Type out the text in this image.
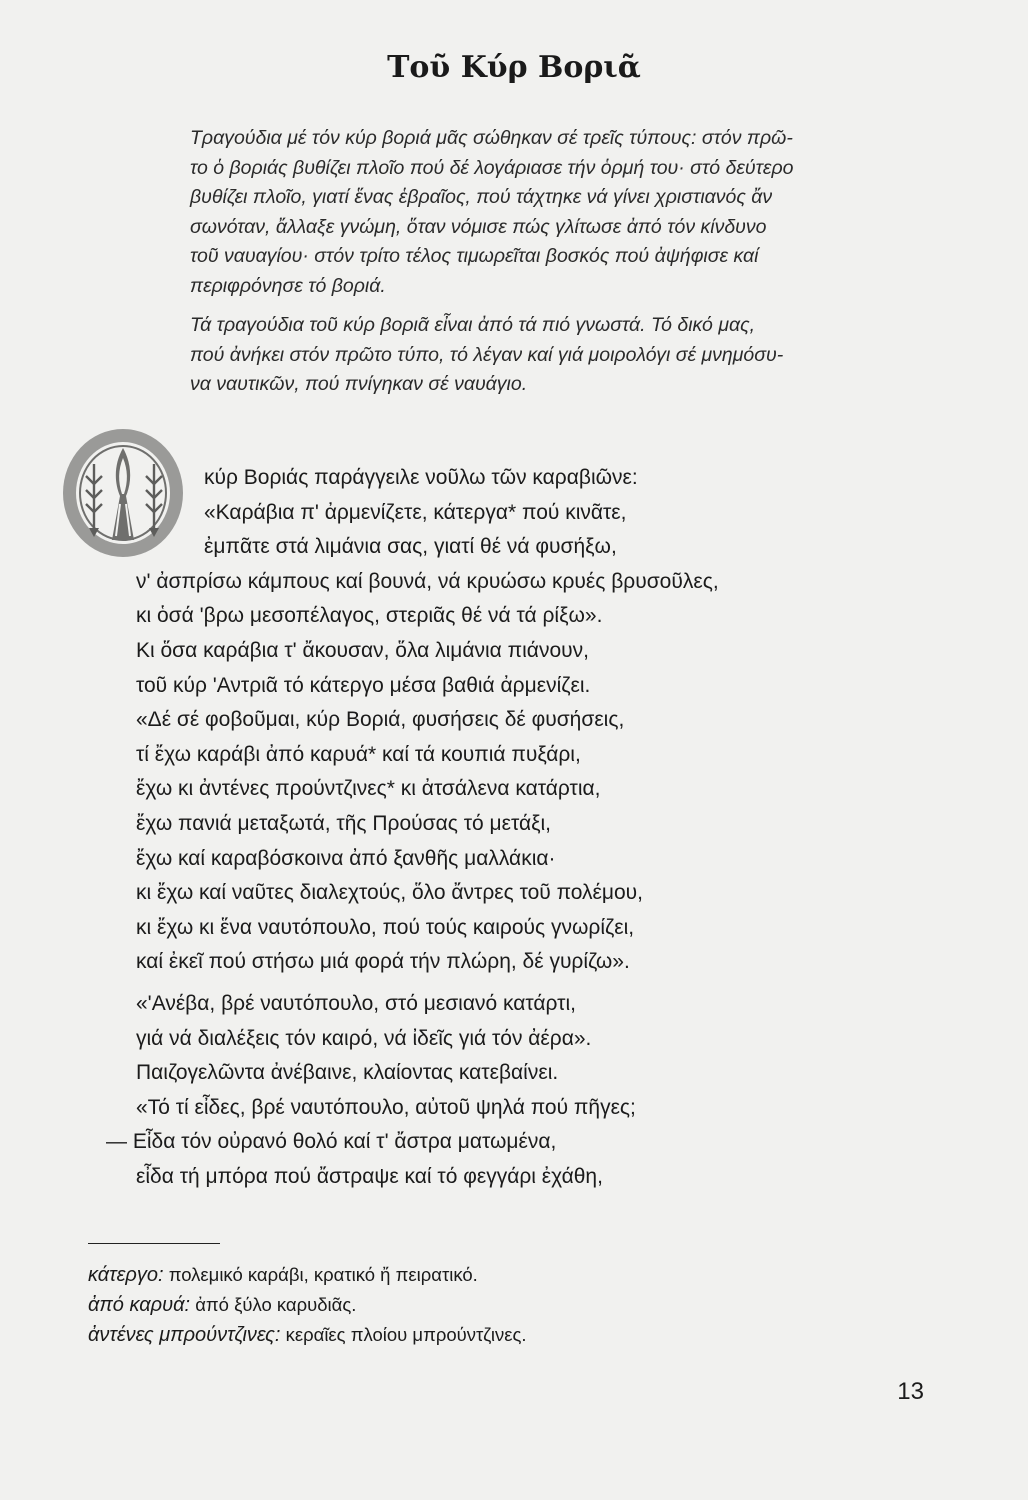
Τοῦ Κύρ Βοριᾶ
Τραγούδια μέ τόν κύρ βοριά μᾶς σώθηκαν σέ τρεῖς τύπους: στόν πρῶ-
το ὁ βοριάς βυθίζει πλοῖο πού δέ λογάριασε τήν ὁρμή του· στό δεύτερο
βυθίζει πλοῖο, γιατί ἕνας ἑβραῖος, πού τάχτηκε νά γίνει χριστιανός ἄν
σωνόταν, ἄλλαξε γνώμη, ὅταν νόμισε πώς γλίτωσε ἀπό τόν κίνδυνο
τοῦ ναυαγίου· στόν τρίτο τέλος τιμωρεῖται βοσκός πού ἀψήφισε καί
περιφρόνησε τό βοριά.
Τά τραγούδια τοῦ κύρ βοριᾶ εἶναι ἀπό τά πιό γνωστά. Τό δικό μας,
πού ἀνήκει στόν πρῶτο τύπο, τό λέγαν καί γιά μοιρολόγι σέ μνημόσυ-
να ναυτικῶν, πού πνίγηκαν σέ ναυάγιο.
κύρ Βοριάς παράγγειλε νοῦλω τῶν καραβιῶνε:
«Καράβια π' ἀρμενίζετε, κάτεργα* πού κινᾶτε,
ἐμπᾶτε στά λιμάνια σας, γιατί θέ νά φυσήξω,
ν' ἀσπρίσω κάμπους καί βουνά, νά κρυώσω κρυές βρυσοῦλες,
κι ὁσά 'βρω μεσοπέλαγος, στεριᾶς θέ νά τά ρίξω».
Κι ὅσα καράβια τ' ἄκουσαν, ὅλα λιμάνια πιάνουν,
τοῦ κύρ 'Αντριᾶ τό κάτεργο μέσα βαθιά ἀρμενίζει.
«Δέ σέ φοβοῦμαι, κύρ Βοριά, φυσήσεις δέ φυσήσεις,
τί ἔχω καράβι ἀπό καρυά* καί τά κουπιά πυξάρι,
ἔχω κι ἀντένες προύντζινες* κι ἀτσάλενα κατάρτια,
ἔχω πανιά μεταξωτά, τῆς Προύσας τό μετάξι,
ἔχω καί καραβόσκοινα ἀπό ξανθῆς μαλλάκια·
κι ἔχω καί ναῦτες διαλεχτούς, ὅλο ἄντρες τοῦ πολέμου,
κι ἔχω κι ἕνα ναυτόπουλο, πού τούς καιρούς γνωρίζει,
καί ἐκεῖ πού στήσω μιά φορά τήν πλώρη, δέ γυρίζω».
«'Ανέβα, βρέ ναυτόπουλο, στό μεσιανό κατάρτι,
γιά νά διαλέξεις τόν καιρό, νά ἰδεῖς γιά τόν ἀέρα».
Παιζογελῶντα ἀνέβαινε, κλαίοντας κατεβαίνει.
«Τό τί εἶδες, βρέ ναυτόπουλο, αὐτοῦ ψηλά πού πῆγες;
— Εἶδα τόν οὐρανό θολό καί τ' ἄστρα ματωμένα,
εἶδα τή μπόρα πού ἄστραψε καί τό φεγγάρι ἐχάθη,
κάτεργο: πολεμικό καράβι, κρατικό ἤ πειρατικό.
ἀπό καρυά: ἀπό ξύλο καρυδιᾶς.
ἀντένες μπρούντζινες: κεραῖες πλοίου μπρούντζινες.
13
